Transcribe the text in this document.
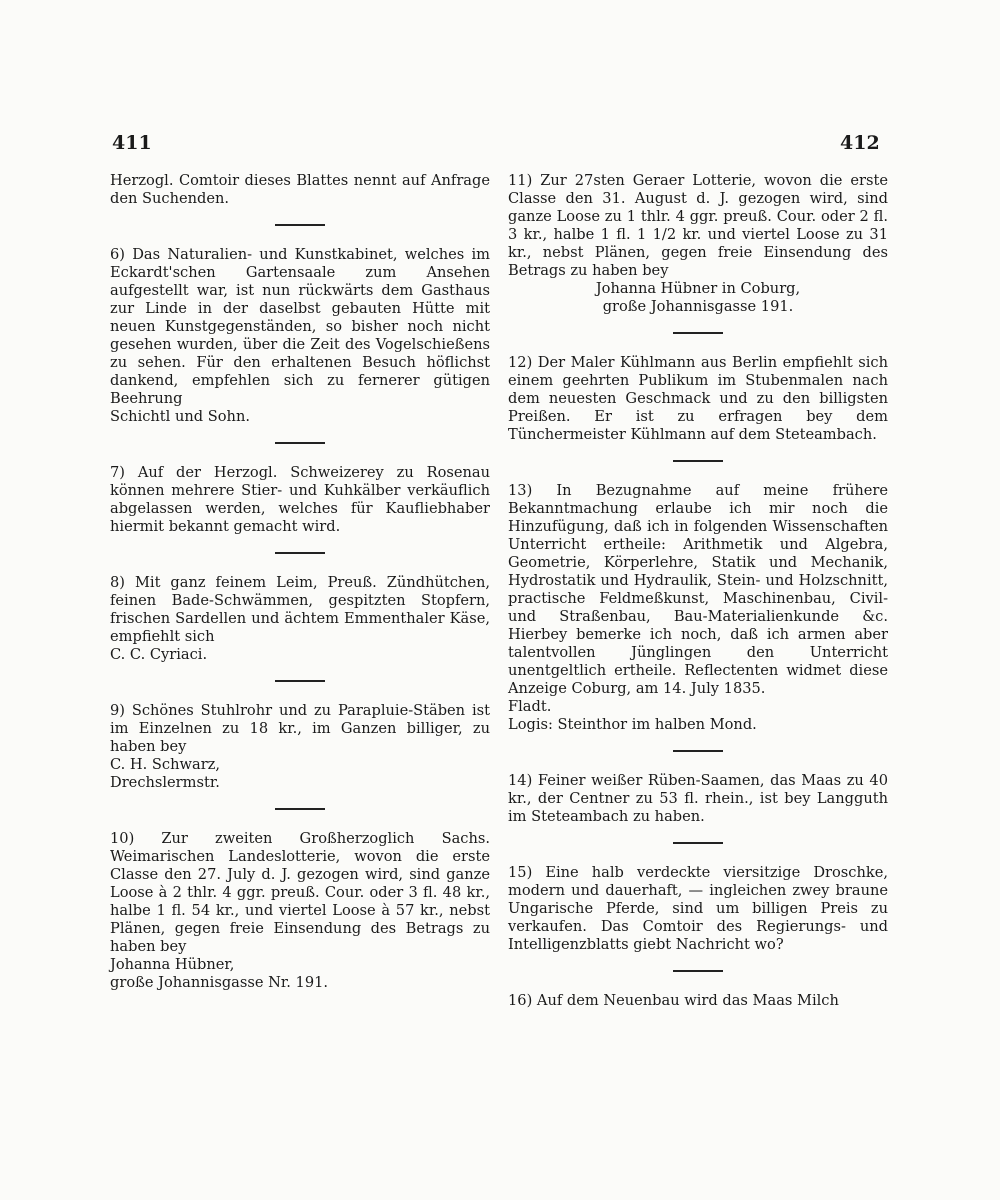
411	412

Herzogl. Comtoir dieses Blattes nennt auf Anfrage den Suchenden.

6) Das Naturalien- und Kunstkabinet, welches im Eckardt'schen Gartensaale zum Ansehen aufgestellt war, ist nun rückwärts dem Gasthaus zur Linde in der daselbst gebauten Hütte mit neuen Kunstgegenständen, so bisher noch nicht gesehen wurden, über die Zeit des Vogelschießens zu sehen. Für den erhaltenen Besuch höflichst dankend, empfehlen sich zu fernerer gütigen Beehrung

Schichtl und Sohn.

7) Auf der Herzogl. Schweizerey zu Rosenau können mehrere Stier- und Kuhkälber verkäuflich abgelassen werden, welches für Kaufliebhaber hiermit bekannt gemacht wird.

8) Mit ganz feinem Leim, Preuß. Zündhütchen, feinen Bade-Schwämmen, gespitzten Stopfern, frischen Sardellen und ächtem Emmenthaler Käse, empfiehlt sich

C. C. Cyriaci.

9) Schönes Stuhlrohr und zu Parapluie-Stäben ist im Einzelnen zu 18 kr., im Ganzen billiger, zu haben bey

C. H. Schwarz,

Drechslermstr.

10) Zur zweiten Großherzoglich Sachs. Weimarischen Landeslotterie, wovon die erste Classe den 27. July d. J. gezogen wird, sind ganze Loose à 2 thlr. 4 ggr. preuß. Cour. oder 3 fl. 48 kr., halbe 1 fl. 54 kr., und viertel Loose à 57 kr., nebst Plänen, gegen freie Einsendung des Betrags zu haben bey

Johanna Hübner,

große Johannisgasse Nr. 191.

11) Zur 27sten Geraer Lotterie, wovon die erste Classe den 31. August d. J. gezogen wird, sind ganze Loose zu 1 thlr. 4 ggr. preuß. Cour. oder 2 fl. 3 kr., halbe 1 fl. 1 1/2 kr. und viertel Loose zu 31 kr., nebst Plänen, gegen freie Einsendung des Betrags zu haben bey

Johanna Hübner in Coburg,

große Johannisgasse 191.

12) Der Maler Kühlmann aus Berlin empfiehlt sich einem geehrten Publikum im Stubenmalen nach dem neuesten Geschmack und zu den billigsten Preißen. Er ist zu erfragen bey dem Tünchermeister Kühlmann auf dem Steteambach.

13) In Bezugnahme auf meine frühere Bekanntmachung erlaube ich mir noch die Hinzufügung, daß ich in folgenden Wissenschaften Unterricht ertheile: Arithmetik und Algebra, Geometrie, Körperlehre, Statik und Mechanik, Hydrostatik und Hydraulik, Stein- und Holzschnitt, practische Feldmeßkunst, Maschinenbau, Civil- und Straßenbau, Bau-Materialienkunde &c. Hierbey bemerke ich noch, daß ich armen aber talentvollen Jünglingen den Unterricht unentgeltlich ertheile. Reflectenten widmet diese Anzeige Coburg, am 14. July 1835.

Fladt.

Logis: Steinthor im halben Mond.

14) Feiner weißer Rüben-Saamen, das Maas zu 40 kr., der Centner zu 53 fl. rhein., ist bey Langguth im Steteambach zu haben.

15) Eine halb verdeckte viersitzige Droschke, modern und dauerhaft, — ingleichen zwey braune Ungarische Pferde, sind um billigen Preis zu verkaufen. Das Comtoir des Regierungs- und Intelligenzblatts giebt Nachricht wo?

16) Auf dem Neuenbau wird das Maas Milch
